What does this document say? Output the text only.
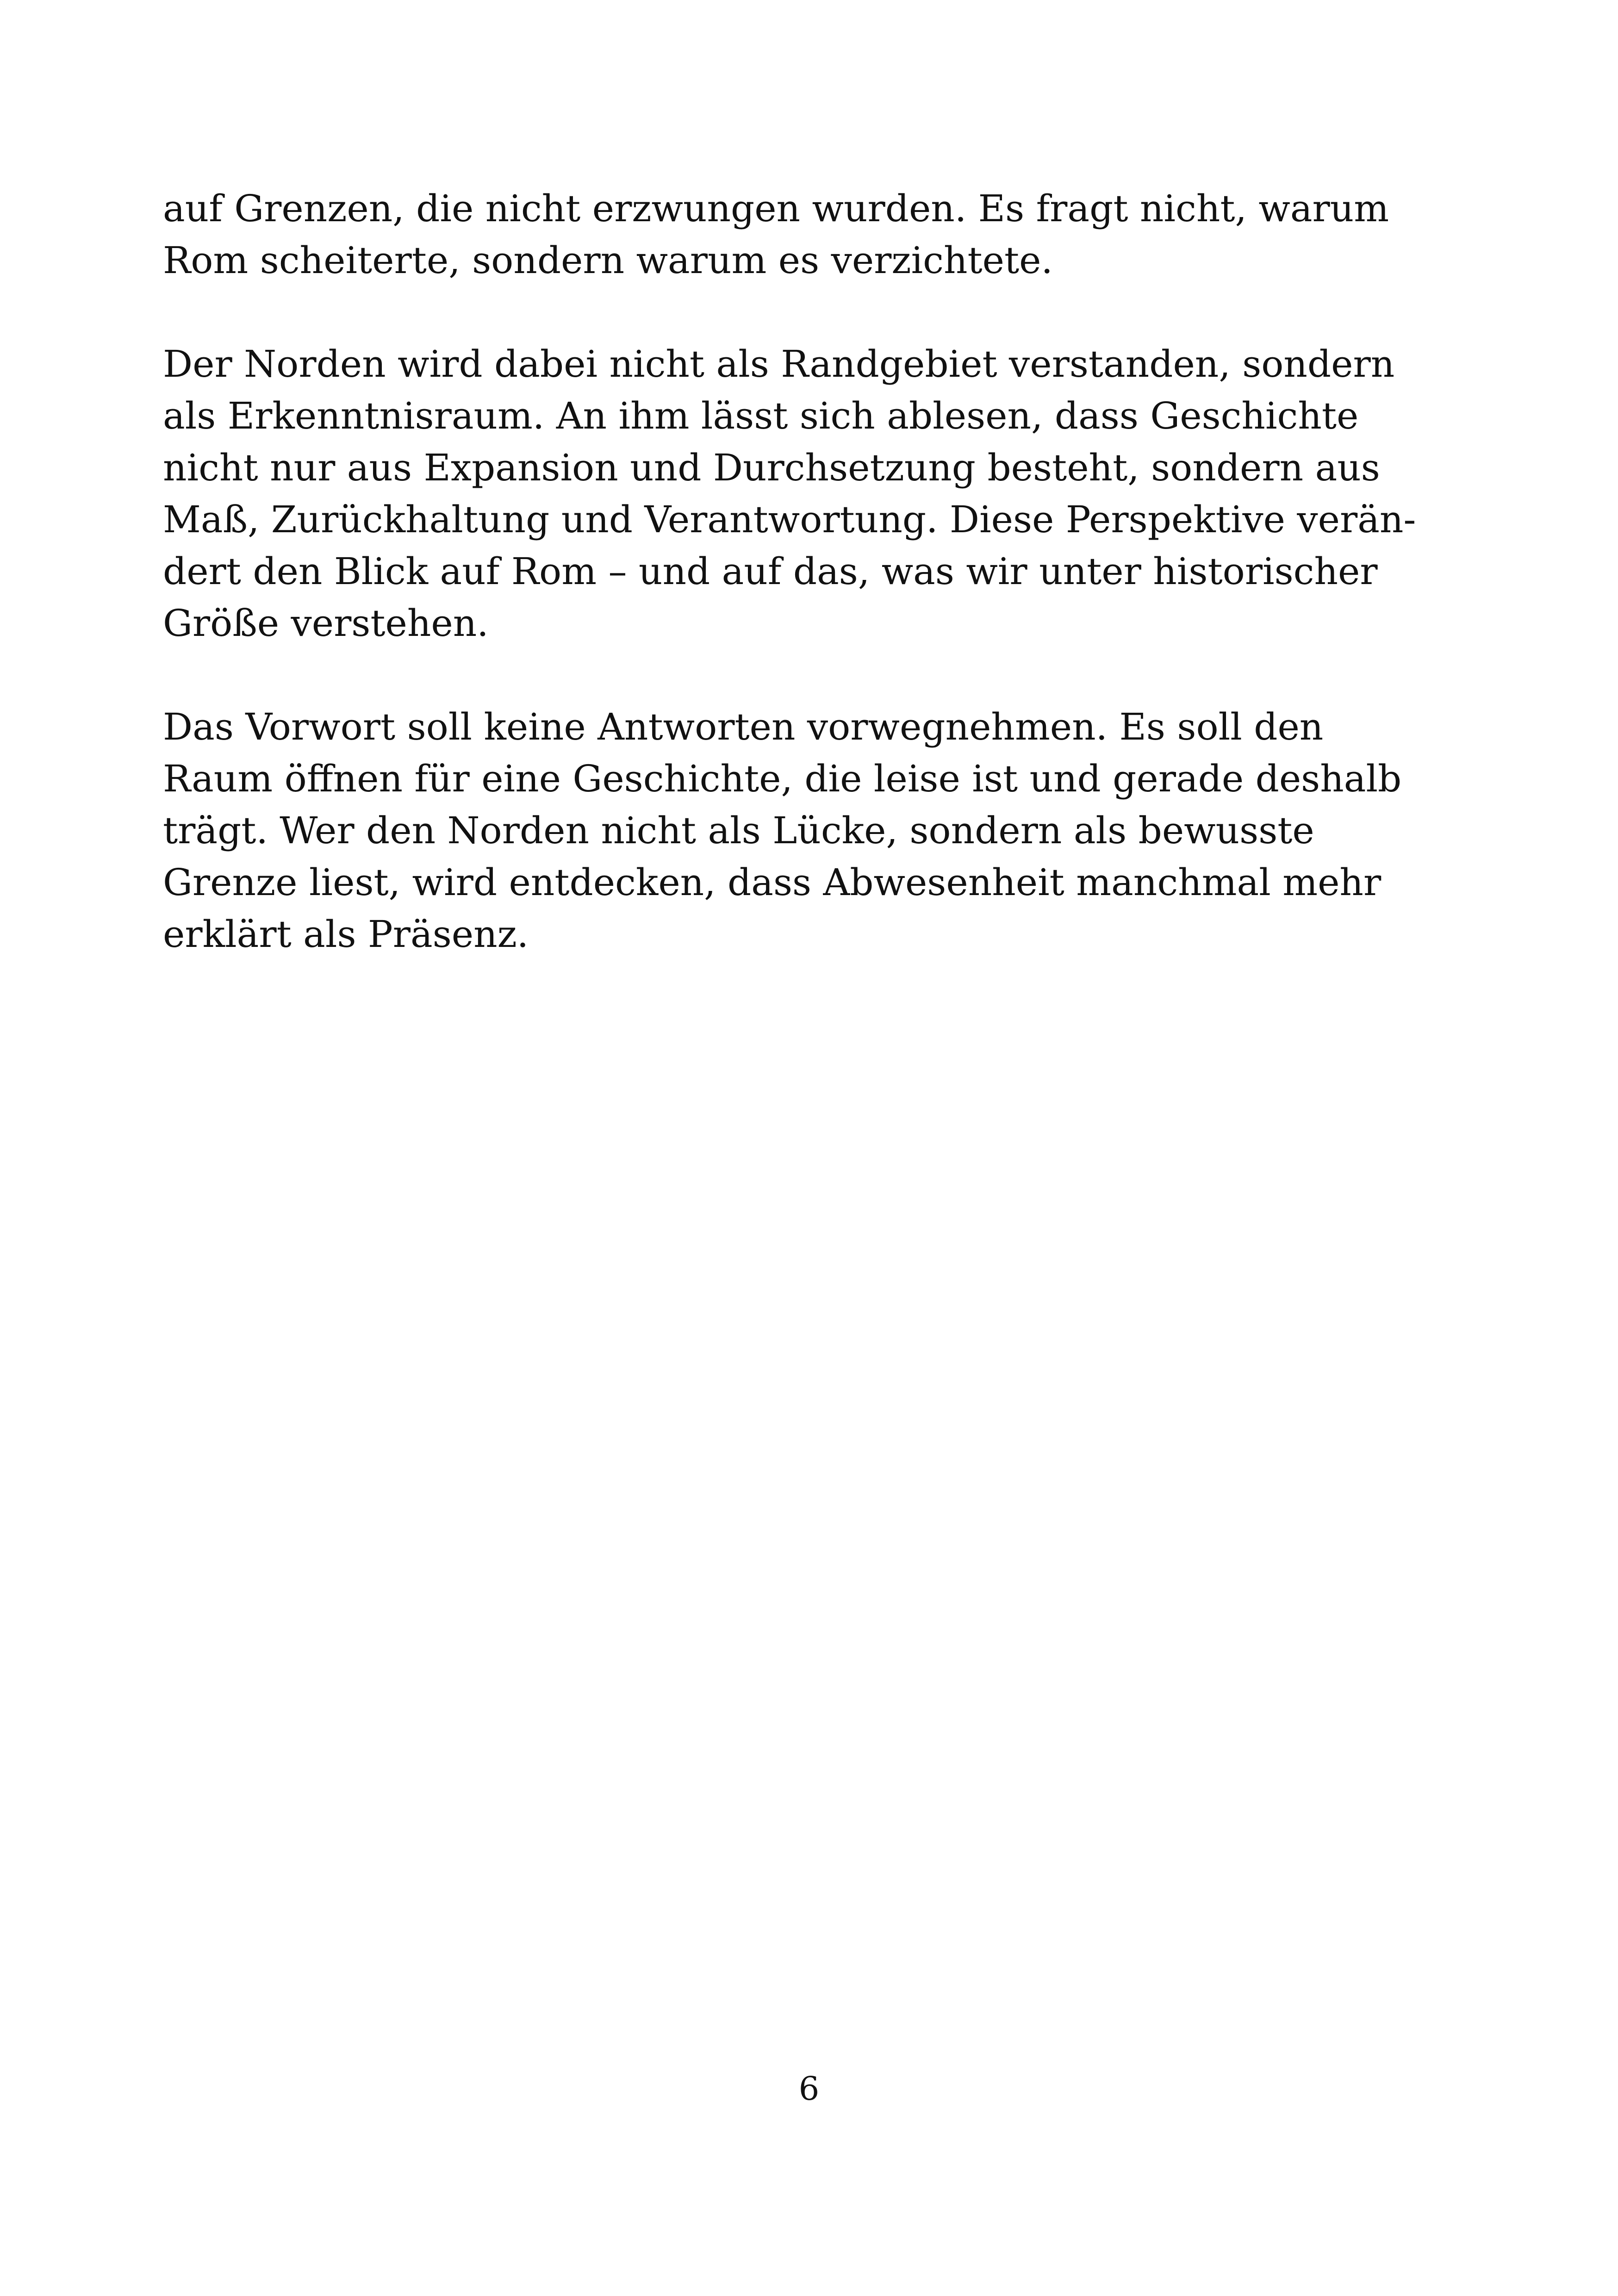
auf Grenzen, die nicht erzwungen wurden. Es fragt nicht, warum
Rom scheiterte, sondern warum es verzichtete.

Der Norden wird dabei nicht als Randgebiet verstanden, sondern
als Erkenntnisraum. An ihm lässt sich ablesen, dass Geschichte
nicht nur aus Expansion und Durchsetzung besteht, sondern aus
Maß, Zurückhaltung und Verantwortung. Diese Perspektive verän-
dert den Blick auf Rom – und auf das, was wir unter historischer
Größe verstehen.

Das Vorwort soll keine Antworten vorwegnehmen. Es soll den
Raum öffnen für eine Geschichte, die leise ist und gerade deshalb
trägt. Wer den Norden nicht als Lücke, sondern als bewusste
Grenze liest, wird entdecken, dass Abwesenheit manchmal mehr
erklärt als Präsenz.

6
